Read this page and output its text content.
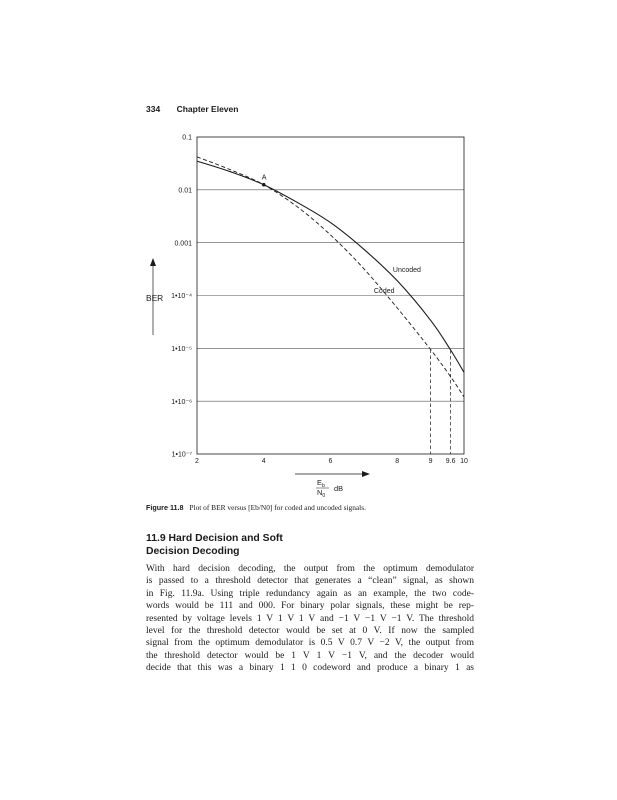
334 Chapter Eleven
0.1
0.01
0.001
1•10⁻⁴
1•10⁻⁵
1•10⁻⁶
1•10⁻⁷
2	4	6	8	9 9.6 10
A
Uncoded
Coded
BER
$E_b$
$N_0$
dB
Figure 11.8 Plot of BER versus [Eb/N0] for coded and uncoded signals.
11.9 Hard Decision and Soft
Decision Decoding
With hard decision decoding, the output from the optimum demodulator
is passed to a threshold detector that generates a “clean” signal, as shown
in Fig. 11.9a. Using triple redundancy again as an example, the two code-
words would be 111 and 000. For binary polar signals, these might be rep-
resented by voltage levels 1 V 1 V 1 V and −1 V −1 V −1 V. The threshold
level for the threshold detector would be set at 0 V. If now the sampled
signal from the optimum demodulator is 0.5 V 0.7 V −2 V, the output from
the threshold detector would be 1 V 1 V −1 V, and the decoder would
decide that this was a binary 1 1 0 codeword and produce a binary 1 as
